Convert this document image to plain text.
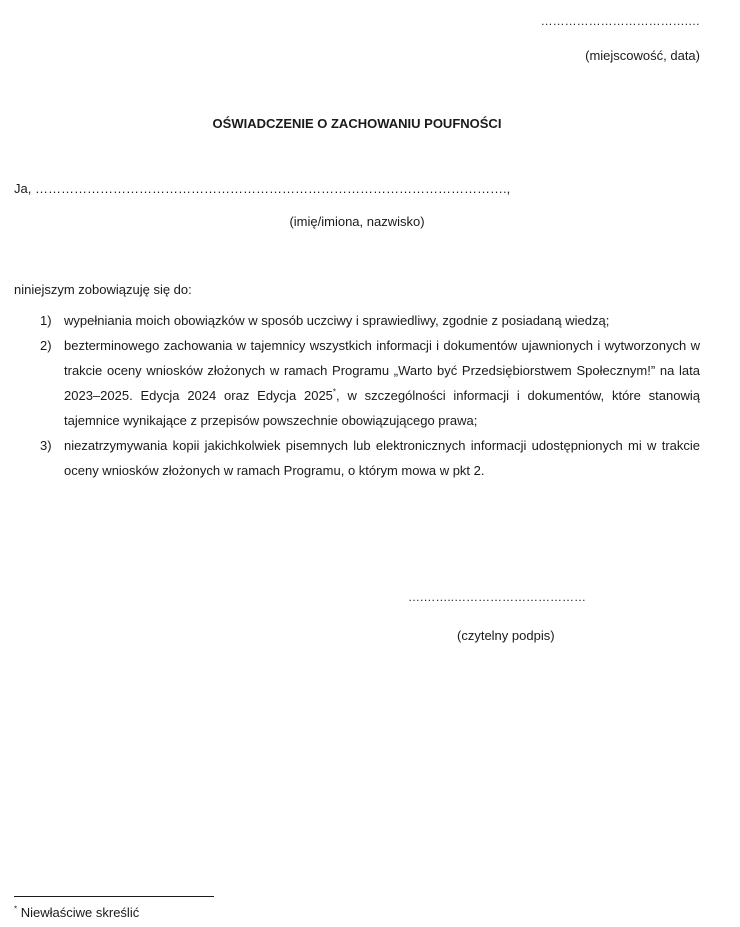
……………………………….…
(miejscowość, data)
OŚWIADCZENIE O ZACHOWANIU POUFNOŚCI
Ja, ……………………………………………………………………………………………….,
(imię/imiona, nazwisko)
niniejszym zobowiązuję się do:
1) wypełniania moich obowiązków w sposób uczciwy i sprawiedliwy, zgodnie z posiadaną wiedzą;
2) bezterminowego zachowania w tajemnicy wszystkich informacji i dokumentów ujawnionych i wytworzonych w trakcie oceny wniosków złożonych w ramach Programu „Warto być Przedsiębiorstwem Społecznym!” na lata 2023–2025. Edycja 2024 oraz Edycja 2025*, w szczególności informacji i dokumentów, które stanowią tajemnice wynikające z przepisów powszechnie obowiązującego prawa;
3) niezatrzymywania kopii jakichkolwiek pisemnych lub elektronicznych informacji udostępnionych mi w trakcie oceny wniosków złożonych w ramach Programu, o którym mowa w pkt 2.
….……..……………………………
(czytelny podpis)
* Niewłaściwe skreślić
